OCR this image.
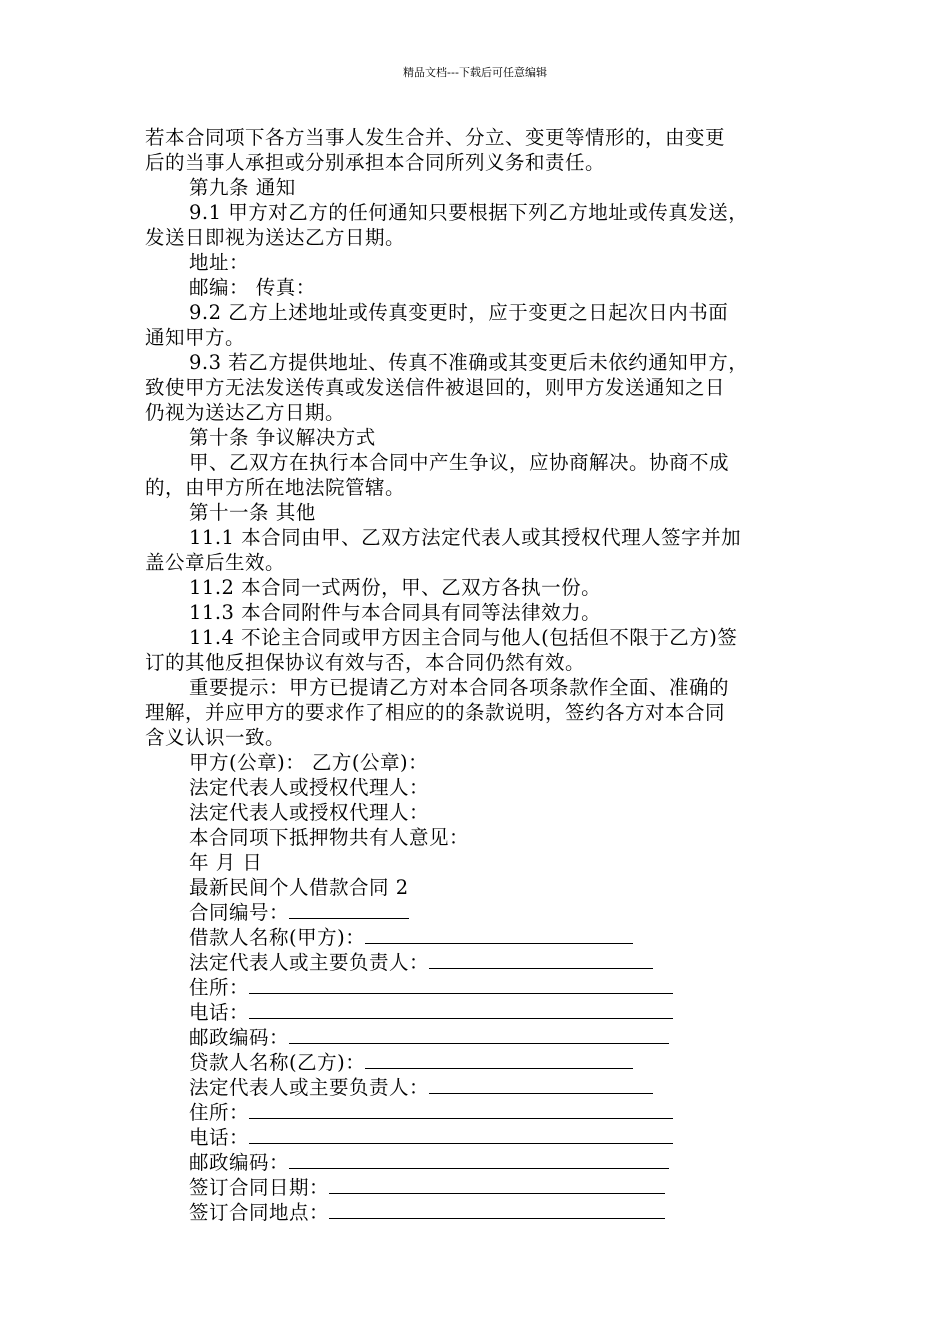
精品文档---下载后可任意编辑

若本合同项下各方当事人发生合并、分立、变更等情形的，由变更

后的当事人承担或分别承担本合同所列义务和责任。

第九条 通知

9.1 甲方对乙方的任何通知只要根据下列乙方地址或传真发送，

发送日即视为送达乙方日期。

地址：

邮编： 传真：

9.2 乙方上述地址或传真变更时，应于变更之日起次日内书面

通知甲方。

9.3 若乙方提供地址、传真不准确或其变更后未依约通知甲方，

致使甲方无法发送传真或发送信件被退回的，则甲方发送通知之日

仍视为送达乙方日期。

第十条 争议解决方式

甲、乙双方在执行本合同中产生争议，应协商解决。协商不成

的，由甲方所在地法院管辖。

第十一条 其他

11.1 本合同由甲、乙双方法定代表人或其授权代理人签字并加

盖公章后生效。

11.2 本合同一式两份，甲、乙双方各执一份。

11.3 本合同附件与本合同具有同等法律效力。

11.4 不论主合同或甲方因主合同与他人(包括但不限于乙方)签

订的其他反担保协议有效与否，本合同仍然有效。

重要提示：甲方已提请乙方对本合同各项条款作全面、准确的

理解，并应甲方的要求作了相应的的条款说明，签约各方对本合同

含义认识一致。

甲方(公章)： 乙方(公章)：

法定代表人或授权代理人：

法定代表人或授权代理人：

本合同项下抵押物共有人意见：

年 月 日

最新民间个人借款合同 2

合同编号：

借款人名称(甲方)：

法定代表人或主要负责人：

住所：

电话：

邮政编码：

贷款人名称(乙方)：

法定代表人或主要负责人：

住所：

电话：

邮政编码：

签订合同日期：

签订合同地点：
